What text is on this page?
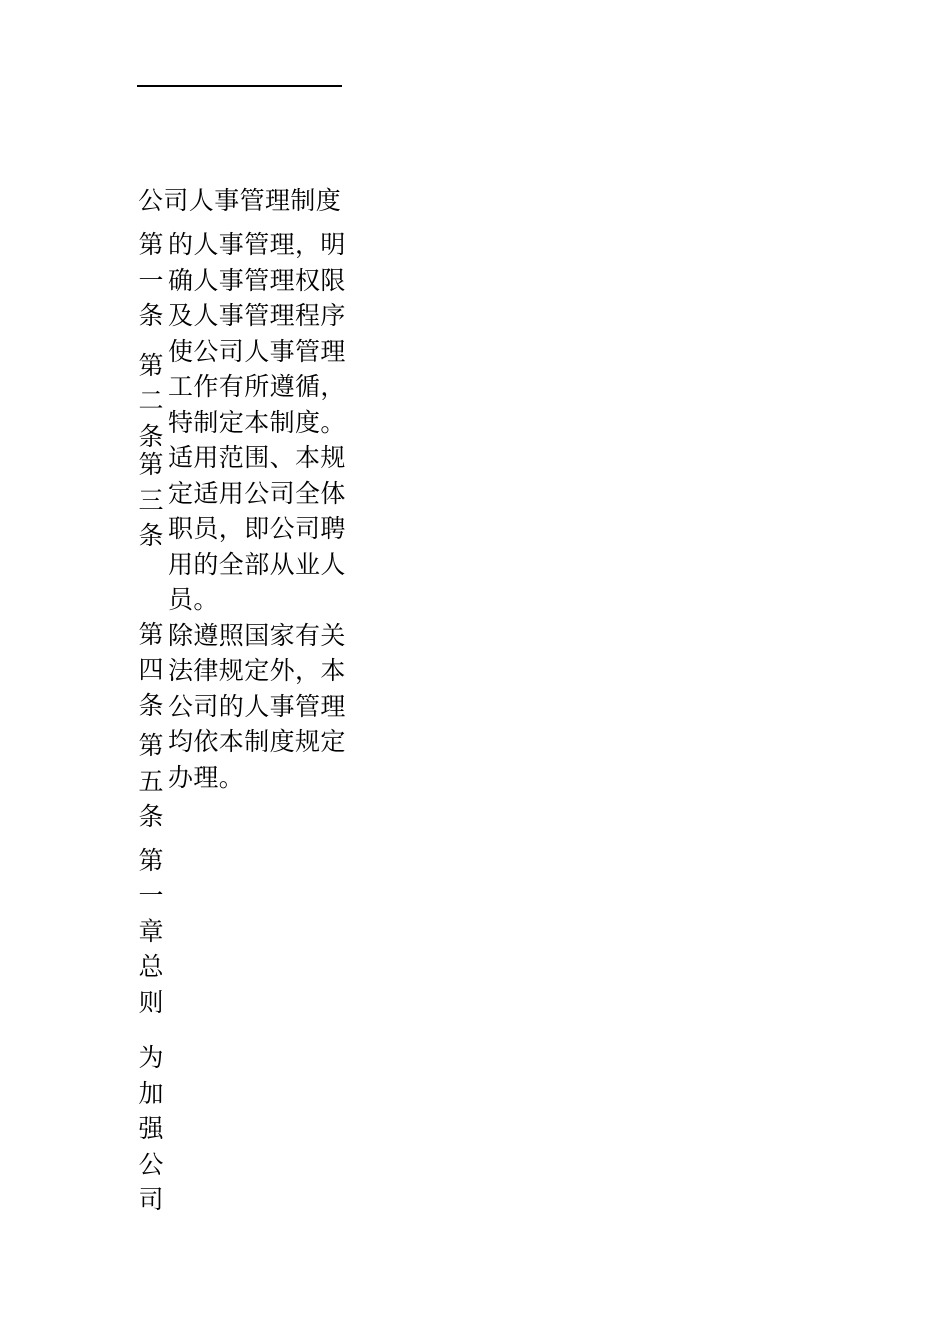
公司人事管理制度
第
一
条
第
二
条
第
三
条
第
四
条
第
五
条
第
一
章
总
则
为
加
强
公
司
的人事管理，明
确人事管理权限
及人事管理程序
使公司人事管理
工作有所遵循，
特制定本制度。
适用范围、本规
定适用公司全体
职员，即公司聘
用的全部从业人
员。
除遵照国家有关
法律规定外，本
公司的人事管理
均依本制度规定
办理。
